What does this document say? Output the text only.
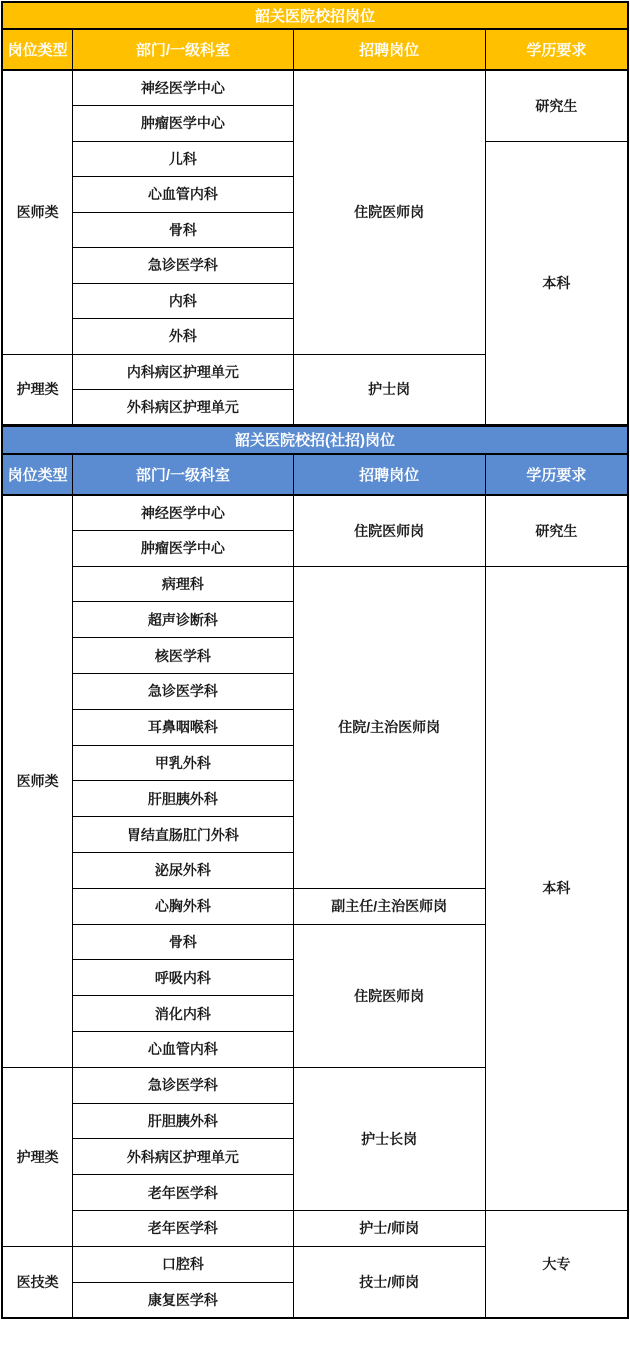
韶关医院校招岗位			
岗位类型	部门/一级科室	招聘岗位	学历要求
医师类	神经医学中心	住院医师岗	研究生
	肿瘤医学中心		
	儿科		本科
	心血管内科		
	骨科		
	急诊医学科		
	内科		
	外科		
护理类	内科病区护理单元	护士岗	
	外科病区护理单元		
韶关医院校招(社招)岗位			
岗位类型	部门/一级科室	招聘岗位	学历要求
医师类	神经医学中心	住院医师岗	研究生
	肿瘤医学中心		
	病理科	住院/主治医师岗	本科
	超声诊断科		
	核医学科		
	急诊医学科		
	耳鼻咽喉科		
	甲乳外科		
	肝胆胰外科		
	胃结直肠肛门外科		
	泌尿外科		
	心胸外科	副主任/主治医师岗	
	骨科	住院医师岗	
	呼吸内科		
	消化内科		
	心血管内科		
护理类	急诊医学科	护士长岗	
	肝胆胰外科		
	外科病区护理单元		
	老年医学科		
	老年医学科	护士/师岗	大专
医技类	口腔科	技士/师岗	
	康复医学科		
